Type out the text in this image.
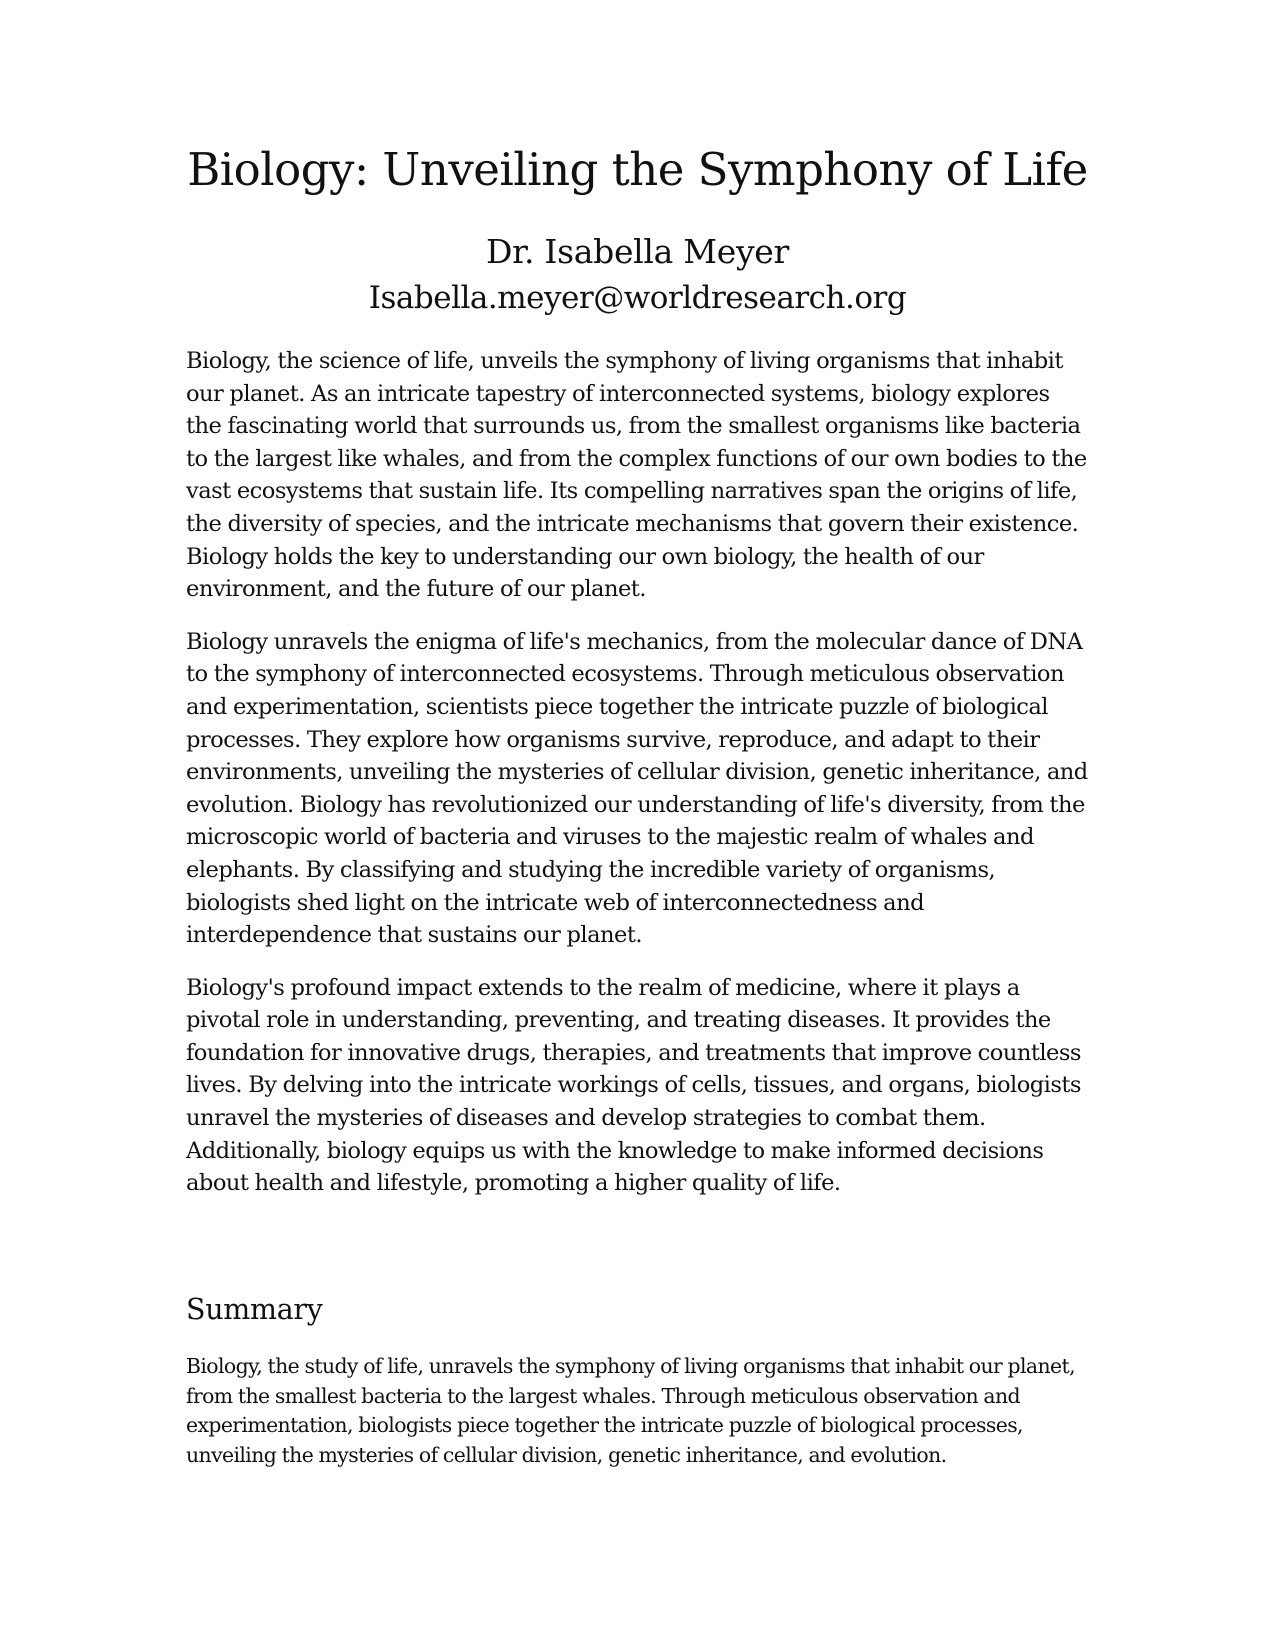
Biology: Unveiling the Symphony of Life
Dr. Isabella Meyer
Isabella.meyer@worldresearch.org

Biology, the science of life, unveils the symphony of living organisms that inhabit our planet. As an intricate tapestry of interconnected systems, biology explores the fascinating world that surrounds us, from the smallest organisms like bacteria to the largest like whales, and from the complex functions of our own bodies to the vast ecosystems that sustain life. Its compelling narratives span the origins of life, the diversity of species, and the intricate mechanisms that govern their existence. Biology holds the key to understanding our own biology, the health of our environment, and the future of our planet.

Biology unravels the enigma of life's mechanics, from the molecular dance of DNA to the symphony of interconnected ecosystems. Through meticulous observation and experimentation, scientists piece together the intricate puzzle of biological processes. They explore how organisms survive, reproduce, and adapt to their environments, unveiling the mysteries of cellular division, genetic inheritance, and evolution. Biology has revolutionized our understanding of life's diversity, from the microscopic world of bacteria and viruses to the majestic realm of whales and elephants. By classifying and studying the incredible variety of organisms, biologists shed light on the intricate web of interconnectedness and interdependence that sustains our planet.

Biology's profound impact extends to the realm of medicine, where it plays a pivotal role in understanding, preventing, and treating diseases. It provides the foundation for innovative drugs, therapies, and treatments that improve countless lives. By delving into the intricate workings of cells, tissues, and organs, biologists unravel the mysteries of diseases and develop strategies to combat them. Additionally, biology equips us with the knowledge to make informed decisions about health and lifestyle, promoting a higher quality of life.

Summary

Biology, the study of life, unravels the symphony of living organisms that inhabit our planet, from the smallest bacteria to the largest whales. Through meticulous observation and experimentation, biologists piece together the intricate puzzle of biological processes, unveiling the mysteries of cellular division, genetic inheritance, and evolution.
